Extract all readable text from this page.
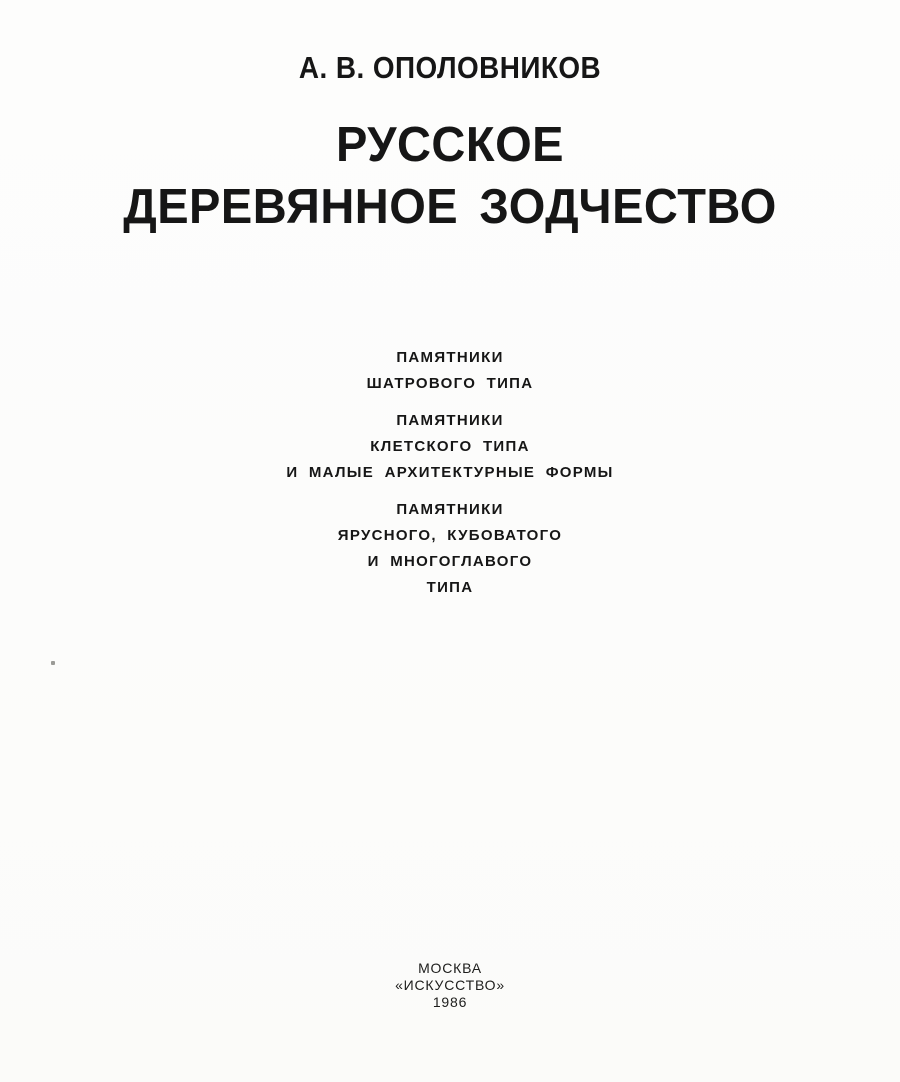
А. В. ОПОЛОВНИКОВ
РУССКОЕ
ДЕРЕВЯННОЕ ЗОДЧЕСТВО
ПАМЯТНИКИ
ШАТРОВОГО ТИПА
ПАМЯТНИКИ
КЛЕТСКОГО ТИПА
И МАЛЫЕ АРХИТЕКТУРНЫЕ ФОРМЫ
ПАМЯТНИКИ
ЯРУСНОГО, КУБОВАТОГО
И МНОГОГЛАВОГО
ТИПА
МОСКВА
«ИСКУССТВО»
1986
